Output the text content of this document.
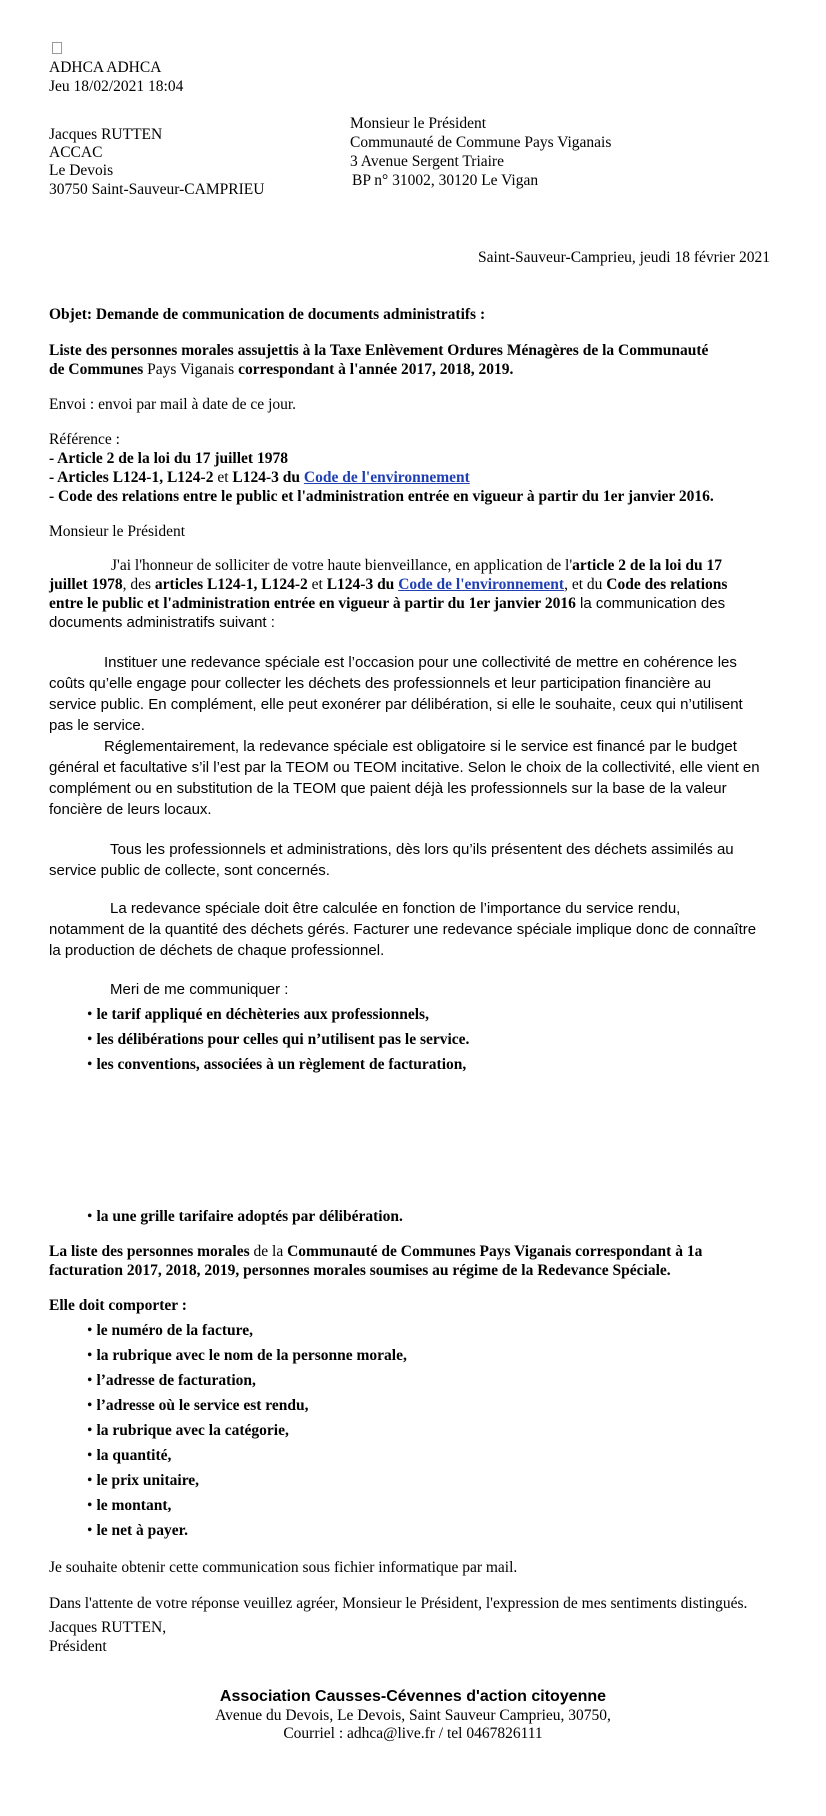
ADHCA ADHCA
Jeu 18/02/2021 18:04
Jacques RUTTEN
ACCAC
Le Devois
30750 Saint-Sauveur-CAMPRIEU
Monsieur le Président
Communauté de Commune Pays Viganais
3 Avenue Sergent Triaire
BP n° 31002, 30120 Le Vigan
Saint-Sauveur-Camprieu, jeudi 18 février 2021
Objet: Demande de communication de documents administratifs :
Liste des personnes morales assujettis à la Taxe Enlèvement Ordures Ménagères de la Communauté
de Communes Pays Viganais correspondant à l'année 2017, 2018, 2019.
Envoi : envoi par mail à date de ce jour.
Référence :
- Article 2 de la loi du 17 juillet 1978
- Articles L124-1, L124-2 et L124-3 du Code de l'environnement
- Code des relations entre le public et l'administration entrée en vigueur à partir du 1er janvier 2016.
Monsieur le Président
J'ai l'honneur de solliciter de votre haute bienveillance, en application de l'article 2 de la loi du 17
juillet 1978, des articles L124-1, L124-2 et L124-3 du Code de l'environnement, et du Code des relations
entre le public et l'administration entrée en vigueur à partir du 1er janvier 2016 la communication des
documents administratifs suivant :
Instituer une redevance spéciale est l’occasion pour une collectivité de mettre en cohérence les
coûts qu’elle engage pour collecter les déchets des professionnels et leur participation financière au
service public. En complément, elle peut exonérer par délibération, si elle le souhaite, ceux qui n’utilisent
pas le service.
Réglementairement, la redevance spéciale est obligatoire si le service est financé par le budget
général et facultative s’il l’est par la TEOM ou TEOM incitative. Selon le choix de la collectivité, elle vient en
complément ou en substitution de la TEOM que paient déjà les professionnels sur la base de la valeur
foncière de leurs locaux.
Tous les professionnels et administrations, dès lors qu’ils présentent des déchets assimilés au
service public de collecte, sont concernés.
La redevance spéciale doit être calculée en fonction de l’importance du service rendu,
notamment de la quantité des déchets gérés. Facturer une redevance spéciale implique donc de connaître
la production de déchets de chaque professionnel.
Meri de me communiquer :
• le tarif appliqué en déchèteries aux professionnels,
• les délibérations pour celles qui n’utilisent pas le service.
• les conventions, associées à un règlement de facturation,
• la une grille tarifaire adoptés par délibération.
La liste des personnes morales de la Communauté de Communes Pays Viganais correspondant à 1a
facturation 2017, 2018, 2019, personnes morales soumises au régime de la Redevance Spéciale.
Elle doit comporter :
• le numéro de la facture,
• la rubrique avec le nom de la personne morale,
• l’adresse de facturation,
• l’adresse où le service est rendu,
• la rubrique avec la catégorie,
• la quantité,
• le prix unitaire,
• le montant,
• le net à payer.
Je souhaite obtenir cette communication sous fichier informatique par mail.
Dans l'attente de votre réponse veuillez agréer, Monsieur le Président, l'expression de mes sentiments distingués.
Jacques RUTTEN,
Président
Association Causses-Cévennes d'action citoyenne
Avenue du Devois, Le Devois, Saint Sauveur Camprieu, 30750,
Courriel : adhca@live.fr / tel 0467826111
